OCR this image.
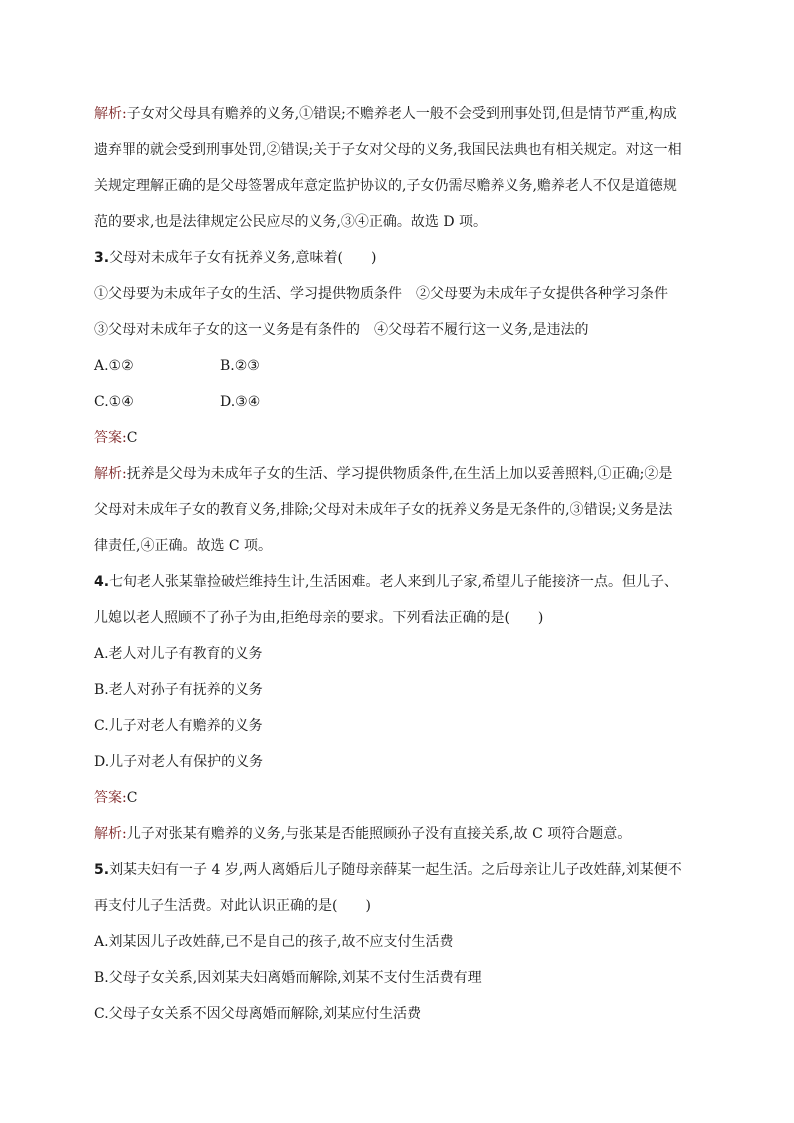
解析:子女对父母具有赡养的义务,①错误;不赡养老人一般不会受到刑事处罚,但是情节严重,构成
遗弃罪的就会受到刑事处罚,②错误;关于子女对父母的义务,我国民法典也有相关规定。对这一相
关规定理解正确的是父母签署成年意定监护协议的,子女仍需尽赡养义务,赡养老人不仅是道德规
范的要求,也是法律规定公民应尽的义务,③④正确。故选 D 项。
3.父母对未成年子女有抚养义务,意味着(　　)
①父母要为未成年子女的生活、学习提供物质条件　②父母要为未成年子女提供各种学习条件
③父母对未成年子女的这一义务是有条件的　④父母若不履行这一义务,是违法的
A.①②	B.②③
C.①④	D.③④
答案:C
解析:抚养是父母为未成年子女的生活、学习提供物质条件,在生活上加以妥善照料,①正确;②是
父母对未成年子女的教育义务,排除;父母对未成年子女的抚养义务是无条件的,③错误;义务是法
律责任,④正确。故选 C 项。
4.七旬老人张某靠捡破烂维持生计,生活困难。老人来到儿子家,希望儿子能接济一点。但儿子、
儿媳以老人照顾不了孙子为由,拒绝母亲的要求。下列看法正确的是(　　)
A.老人对儿子有教育的义务
B.老人对孙子有抚养的义务
C.儿子对老人有赡养的义务
D.儿子对老人有保护的义务
答案:C
解析:儿子对张某有赡养的义务,与张某是否能照顾孙子没有直接关系,故 C 项符合题意。
5.刘某夫妇有一子 4 岁,两人离婚后儿子随母亲薛某一起生活。之后母亲让儿子改姓薛,刘某便不
再支付儿子生活费。对此认识正确的是(　　)
A.刘某因儿子改姓薛,已不是自己的孩子,故不应支付生活费
B.父母子女关系,因刘某夫妇离婚而解除,刘某不支付生活费有理
C.父母子女关系不因父母离婚而解除,刘某应付生活费
